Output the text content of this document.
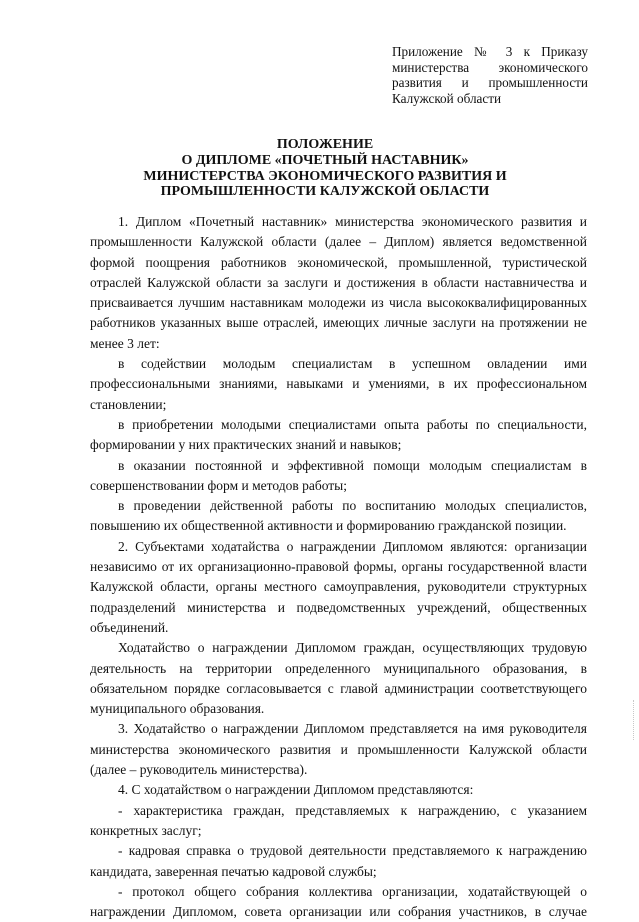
Приложение № 3 к Приказу
министерства экономического
развития и промышленности
Калужской области
ПОЛОЖЕНИЕ
О ДИПЛОМЕ «ПОЧЕТНЫЙ НАСТАВНИК»
МИНИСТЕРСТВА ЭКОНОМИЧЕСКОГО РАЗВИТИЯ И
ПРОМЫШЛЕННОСТИ КАЛУЖСКОЙ ОБЛАСТИ

1. Диплом «Почетный наставник» министерства экономического развития и
промышленности Калужской области (далее – Диплом) является ведомственной
формой поощрения работников экономической, промышленной, туристической
отраслей Калужской области за заслуги и достижения в области наставничества и
присваивается лучшим наставникам молодежи из числа высококвалифицированных
работников указанных выше отраслей, имеющих личные заслуги на протяжении не
менее 3 лет:

в содействии молодым специалистам в успешном овладении ими
профессиональными знаниями, навыками и умениями, в их профессиональном
становлении;

в приобретении молодыми специалистами опыта работы по специальности,
формировании у них практических знаний и навыков;

в оказании постоянной и эффективной помощи молодым специалистам в
совершенствовании форм и методов работы;

в проведении действенной работы по воспитанию молодых специалистов,
повышению их общественной активности и формированию гражданской позиции.

2. Субъектами ходатайства о награждении Дипломом являются: организации
независимо от их организационно-правовой формы, органы государственной власти
Калужской области, органы местного самоуправления, руководители структурных
подразделений министерства и подведомственных учреждений, общественных
объединений.

Ходатайство о награждении Дипломом граждан, осуществляющих трудовую
деятельность на территории определенного муниципального образования, в
обязательном порядке согласовывается с главой администрации соответствующего
муниципального образования.

3. Ходатайство о награждении Дипломом представляется на имя руководителя
министерства экономического развития и промышленности Калужской области
(далее – руководитель министерства).

4. С ходатайством о награждении Дипломом представляются:

- характеристика граждан, представляемых к награждению, с указанием
конкретных заслуг;

- кадровая справка о трудовой деятельности представляемого к награждению
кандидата, заверенная печатью кадровой службы;

- протокол общего собрания коллектива организации, ходатайствующей о
награждении Дипломом, совета организации или собрания участников, в случае
